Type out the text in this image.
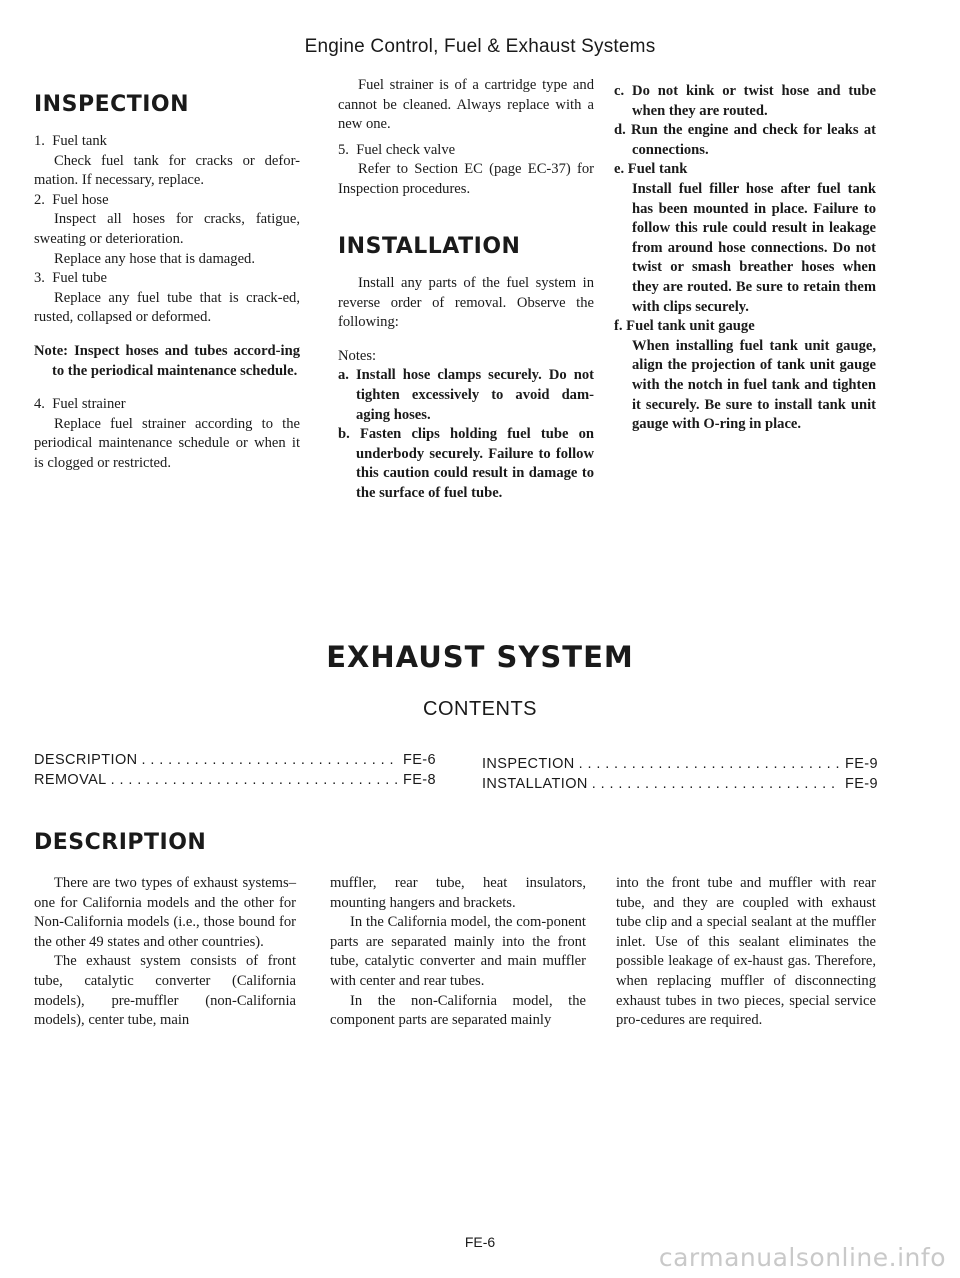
Engine Control, Fuel & Exhaust Systems
INSPECTION

1. Fuel tank

Check fuel tank for cracks or defor- mation. If necessary, replace.

2. Fuel hose

Inspect all hoses for cracks, fatigue, sweating or deterioration.

Replace any hose that is damaged.

3. Fuel tube

Replace any fuel tube that is crack-ed, rusted, collapsed or deformed.

Note: Inspect hoses and tubes accord-ing to the periodical maintenance schedule.

4. Fuel strainer

Replace fuel strainer according to the periodical maintenance schedule or when it is clogged or restricted.

Fuel strainer is of a cartridge type and cannot be cleaned. Always replace with a new one.

5. Fuel check valve

Refer to Section EC (page EC-37) for Inspection procedures.

INSTALLATION

Install any parts of the fuel system in reverse order of removal. Observe the following:

Notes:

a. Install hose clamps securely. Do not tighten excessively to avoid dam-aging hoses.

b. Fasten clips holding fuel tube on underbody securely. Failure to follow this caution could result in damage to the surface of fuel tube.

c. Do not kink or twist hose and tube when they are routed.

d. Run the engine and check for leaks at connections.

e. Fuel tank
Install fuel filler hose after fuel tank has been mounted in place. Failure to follow this rule could result in leakage from around hose connections. Do not twist or smash breather hoses when they are routed. Be sure to retain them with clips securely.

f. Fuel tank unit gauge
When installing fuel tank unit gauge, align the projection of tank unit gauge with the notch in fuel tank and tighten it securely. Be sure to install tank unit gauge with O-ring in place.

EXHAUST SYSTEM
CONTENTS
DESCRIPTION . . .	FE-6
REMOVAL . . .	FE-8
INSPECTION . . .	FE-9
INSTALLATION . . .	FE-9
DESCRIPTION

There are two types of exhaust systems–one for California models and the other for Non-California models (i.e., those bound for the other 49 states and other countries).

The exhaust system consists of front tube, catalytic converter (California models), pre-muffler (non-California models), center tube, main

muffler, rear tube, heat insulators, mounting hangers and brackets.

In the California model, the com-ponent parts are separated mainly into the front tube, catalytic converter and main muffler with center and rear tubes.

In the non-California model, the component parts are separated mainly

into the front tube and muffler with rear tube, and they are coupled with exhaust tube clip and a special sealant at the muffler inlet. Use of this sealant eliminates the possible leakage of ex-haust gas. Therefore, when replacing muffler of disconnecting exhaust tubes in two pieces, special service pro-cedures are required.

FE-6
carmanualsonline.info
